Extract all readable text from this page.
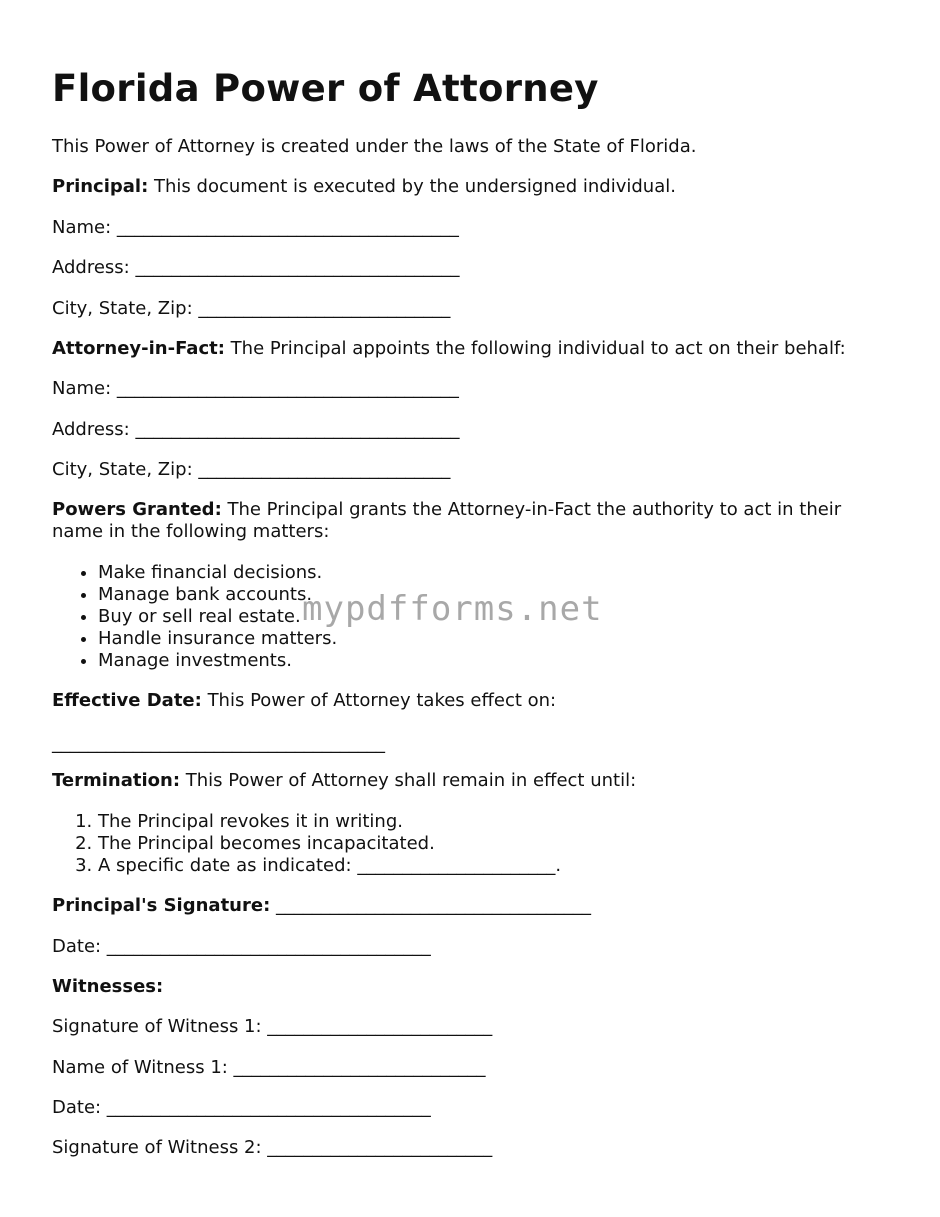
Florida Power of Attorney

This Power of Attorney is created under the laws of the State of Florida.

Principal: This document is executed by the undersigned individual.

Name: ______________________________________

Address: ____________________________________

City, State, Zip: ____________________________

Attorney-in-Fact: The Principal appoints the following individual to act on their behalf:

Name: ______________________________________

Address: ____________________________________

City, State, Zip: ____________________________

Powers Granted: The Principal grants the Attorney-in-Fact the authority to act in their name in the following matters:

• Make financial decisions.
• Manage bank accounts.
• Buy or sell real estate.
• Handle insurance matters.
• Manage investments.

Effective Date: This Power of Attorney takes effect on:

_____________________________________

Termination: This Power of Attorney shall remain in effect until:

1. The Principal revokes it in writing.
2. The Principal becomes incapacitated.
3. A specific date as indicated: ______________________.

Principal's Signature: ___________________________________

Date: ____________________________________

Witnesses:

Signature of Witness 1: _________________________

Name of Witness 1: ____________________________

Date: ____________________________________

Signature of Witness 2: _________________________

mypdfforms.net
